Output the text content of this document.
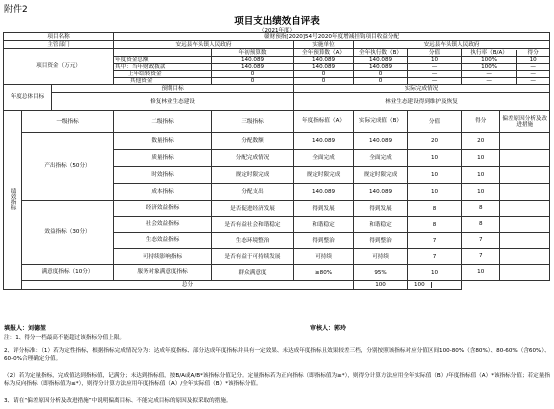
附件2
项目支出绩效自评表
（2021年度）
项目名称			赣财预指[2020]54号2020年度增减挂钩项目收益分配					
主管部门			安远县车头镇人民政府		实施单位	安远县车头镇人民政府		
项目资金（万元）				年初预算数	全年预算数（A）	全年执行数（B）	分值	执行率（B/A） 得分

			年度资金总额	140.089	140.089	140.089	10	100% 10

			其中：当年财政拨款	140.089	140.089	140.089	—	100% —

			上年结转资金	0	0	0	—	— —

			其他资金	0	0	0	—	— —

年度总体目标		预期目标			实际完成情况			
		修复林业生态建设			林业生态建设得到维护及恢复			
绩效指标	一级指标		二级指标	三级指标	年度指标值（A）	实际完成值（B）	分值	得分 偏差原因分析及改进措施

	产出指标（50分）		数量指标	分配数额	140.089	140.089	20	20

			质量指标	分配完成情况	全面完成	全面完成	10	10

			时效指标	规定时限完成	规定时限完成	规定时限完成	10	10

			成本指标	分配支出	140.089	140.089	10	10

	效益指标（30分）		经济效益指标	是否促进经济发展	得到发展	得到发展	8	8

			社会效益指标	是否有益社会和谐稳定	和谐稳定	和谐稳定	8	8

			生态效益指标	生态环境整治	得到整治	得到整治	7	7

			可持续影响指标	是否有益于可持续发展	可持续	可持续	7	7

	满意度指标（10分）		服务对象满意度指标	群众满意度	≥80%	95%	10	10

	总分					100	100	
填报人：刘德堃	审核人：郭玲
注：1、得分一档最高不能超过该指标分值上限。
2、评分标准：（1）若为定性指标，根据指标完成情况分为：达成年度指标、部分达成年度指标并具有一定效果、未达成年度指标且效果较差三档，分别按照该指标对应分值区间100-80%（含80%）、80-60%（含60%）、60-0%合理确定分值。
（2）若为定量指标，完成值达到指标值，记满分；未达到指标值，按B/A或A/B*该指标分值记分。定量指标若为正向指标（即指标值为≥*），则得分计算方法应用全年实际值（B）/年度指标值（A）*该指标分值；若定量指标为反向指标（即指标值为≤*），则得分计算方法应用年度指标值（A）/全年实际值（B）*该指标分值。
3、请在“偏差原因分析及改进措施”中说明偏离目标、不能完成目标的原因及拟采取的措施。
